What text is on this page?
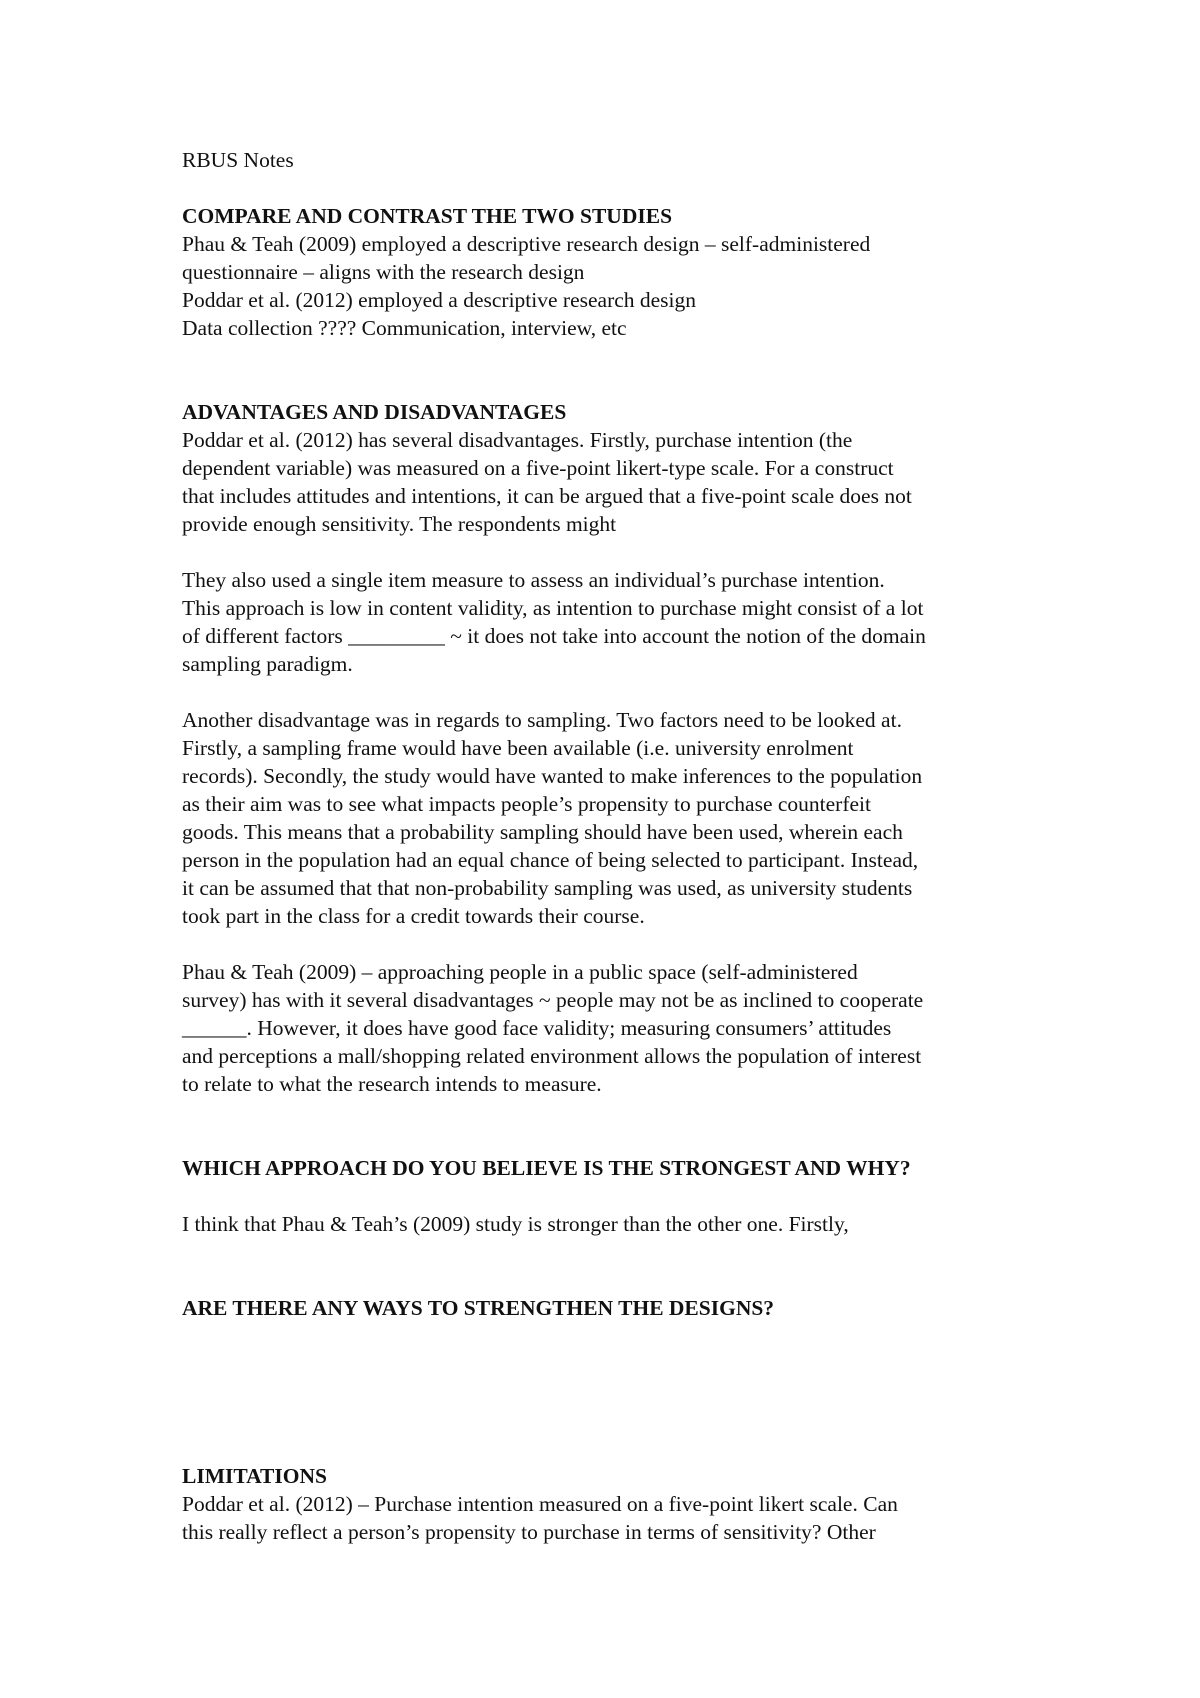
RBUS Notes

COMPARE AND CONTRAST THE TWO STUDIES

Phau & Teah (2009) employed a descriptive research design – self-administered
questionnaire – aligns with the research design
Poddar et al. (2012) employed a descriptive research design
Data collection ???? Communication, interview, etc

ADVANTAGES AND DISADVANTAGES

Poddar et al. (2012) has several disadvantages. Firstly, purchase intention (the
dependent variable) was measured on a five-point likert-type scale. For a construct
that includes attitudes and intentions, it can be argued that a five-point scale does not
provide enough sensitivity. The respondents might

They also used a single item measure to assess an individual’s purchase intention.
This approach is low in content validity, as intention to purchase might consist of a lot
of different factors _________ ~ it does not take into account the notion of the domain
sampling paradigm.

Another disadvantage was in regards to sampling. Two factors need to be looked at.
Firstly, a sampling frame would have been available (i.e. university enrolment
records). Secondly, the study would have wanted to make inferences to the population
as their aim was to see what impacts people’s propensity to purchase counterfeit
goods. This means that a probability sampling should have been used, wherein each
person in the population had an equal chance of being selected to participant. Instead,
it can be assumed that that non-probability sampling was used, as university students
took part in the class for a credit towards their course.

Phau & Teah (2009) – approaching people in a public space (self-administered
survey) has with it several disadvantages ~ people may not be as inclined to cooperate
______. However, it does have good face validity; measuring consumers’ attitudes
and perceptions a mall/shopping related environment allows the population of interest
to relate to what the research intends to measure.

WHICH APPROACH DO YOU BELIEVE IS THE STRONGEST AND WHY?

I think that Phau & Teah’s (2009) study is stronger than the other one. Firstly,

ARE THERE ANY WAYS TO STRENGTHEN THE DESIGNS?
LIMITATIONS

Poddar et al. (2012) – Purchase intention measured on a five-point likert scale. Can
this really reflect a person’s propensity to purchase in terms of sensitivity? Other
